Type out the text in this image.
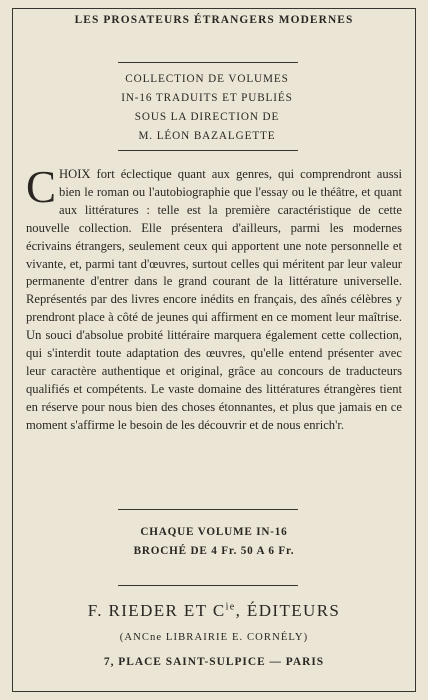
LES PROSATEURS ÉTRANGERS MODERNES
COLLECTION DE VOLUMES
IN-16 TRADUITS ET PUBLIÉS
SOUS LA DIRECTION DE
M. LÉON BAZALGETTE
CHOIX fort éclectique quant aux genres, qui comprendront aussi bien le roman ou l'autobiographie que l'essay ou le théâtre, et quant aux littératures : telle est la première caractéristique de cette nouvelle collection. Elle présentera d'ailleurs, parmi les modernes écrivains étrangers, seulement ceux qui apportent une note personnelle et vivante, et, parmi tant d'œuvres, surtout celles qui méritent par leur valeur permanente d'entrer dans le grand courant de la littérature universelle. Représentés par des livres encore inédits en français, des aînés célèbres y prendront place à côté de jeunes qui affirment en ce moment leur maîtrise. Un souci d'absolue probité littéraire marquera également cette collection, qui s'interdit toute adaptation des œuvres, qu'elle entend présenter avec leur caractère authentique et original, grâce au concours de traducteurs qualifiés et compétents. Le vaste domaine des littératures étrangères tient en réserve pour nous bien des choses étonnantes, et plus que jamais en ce moment s'affirme le besoin de les découvrir et de nous enrich'r.
CHAQUE VOLUME IN-16
BROCHÉ DE 4 Fr. 50 A 6 Fr.
F. RIEDER ET $C^{ie}$, ÉDITEURS
(ANCne LIBRAIRIE E. CORNÉLY)
7, PLACE SAINT-SULPICE — PARIS
